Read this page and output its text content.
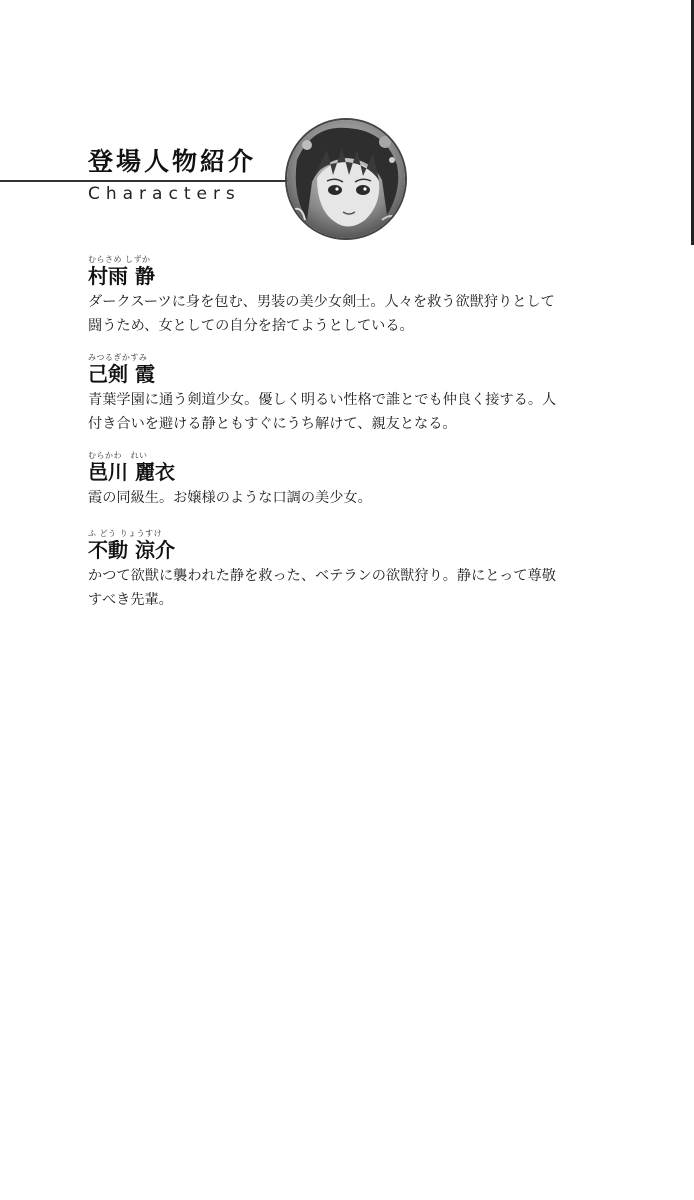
登場人物紹介
Characters
むらさめ しずか
村雨 静
ダークスーツに身を包む、男装の美少女剣士。人々を救う欲獣狩りとして闘うため、女としての自分を捨てようとしている。
みつるぎかすみ
己剣 霞
青葉学園に通う剣道少女。優しく明るい性格で誰とでも仲良く接する。人付き合いを避ける静ともすぐにうち解けて、親友となる。
むらかわ　れい
邑川 麗衣
霞の同級生。お嬢様のような口調の美少女。
ふ どう りょうすけ
不動 涼介
かつて欲獣に襲われた静を救った、ベテランの欲獣狩り。静にとって尊敬すべき先輩。
